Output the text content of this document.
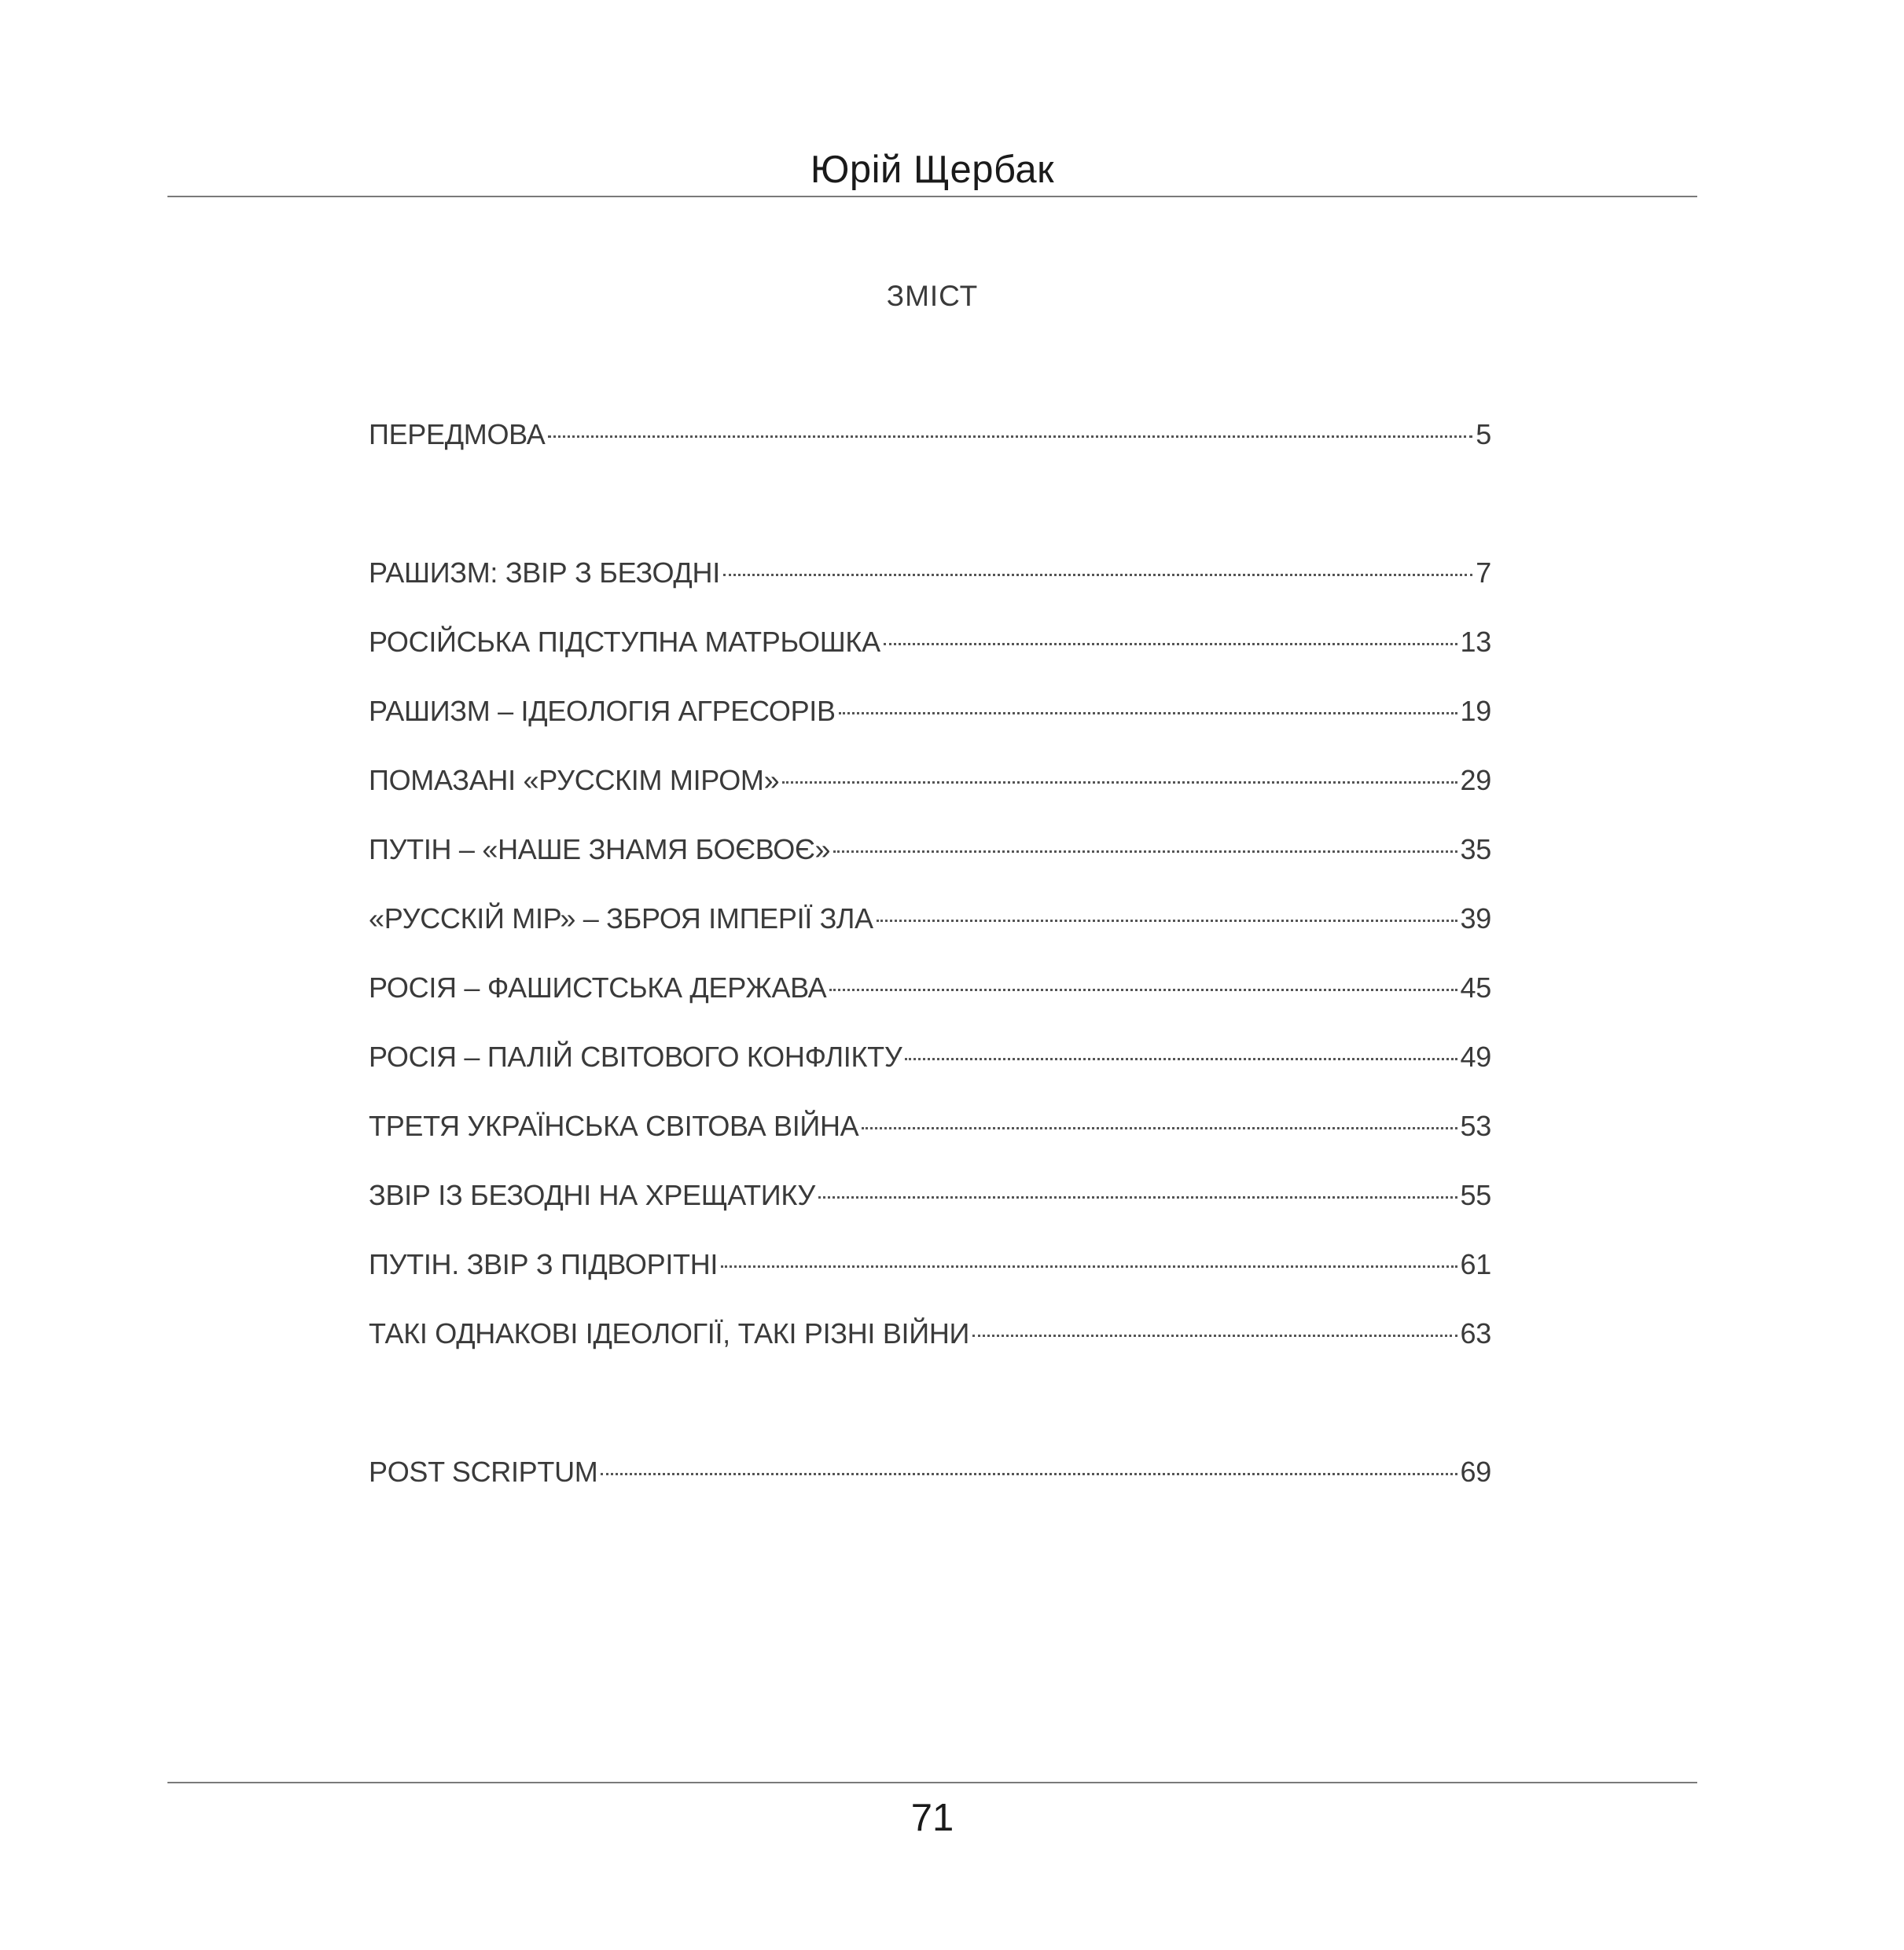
Юрій Щербак
ЗМІСТ
ПЕРЕДМОВА	5
РАШИЗМ: ЗВІР З БЕЗОДНІ	7
РОСІЙСЬКА ПІДСТУПНА МАТРЬОШКА	13
РАШИЗМ – ІДЕОЛОГІЯ АГРЕСОРІВ	19
ПОМАЗАНІ «РУССКІМ МІРОМ»	29
ПУТІН – «НАШЕ ЗНАМЯ БОЄВОЄ»	35
«РУССКІЙ МІР» – ЗБРОЯ ІМПЕРІЇ ЗЛА	39
РОСІЯ – ФАШИСТСЬКА ДЕРЖАВА	45
РОСІЯ – ПАЛІЙ СВІТОВОГО КОНФЛІКТУ	49
ТРЕТЯ УКРАЇНСЬКА СВІТОВА ВІЙНА	53
ЗВІР ІЗ БЕЗОДНІ НА ХРЕЩАТИКУ	55
ПУТІН. ЗВІР З ПІДВОРІТНІ	61
ТАКІ ОДНАКОВІ ІДЕОЛОГІЇ, ТАКІ РІЗНІ ВІЙНИ	63
POST SCRIPTUM	69
71
